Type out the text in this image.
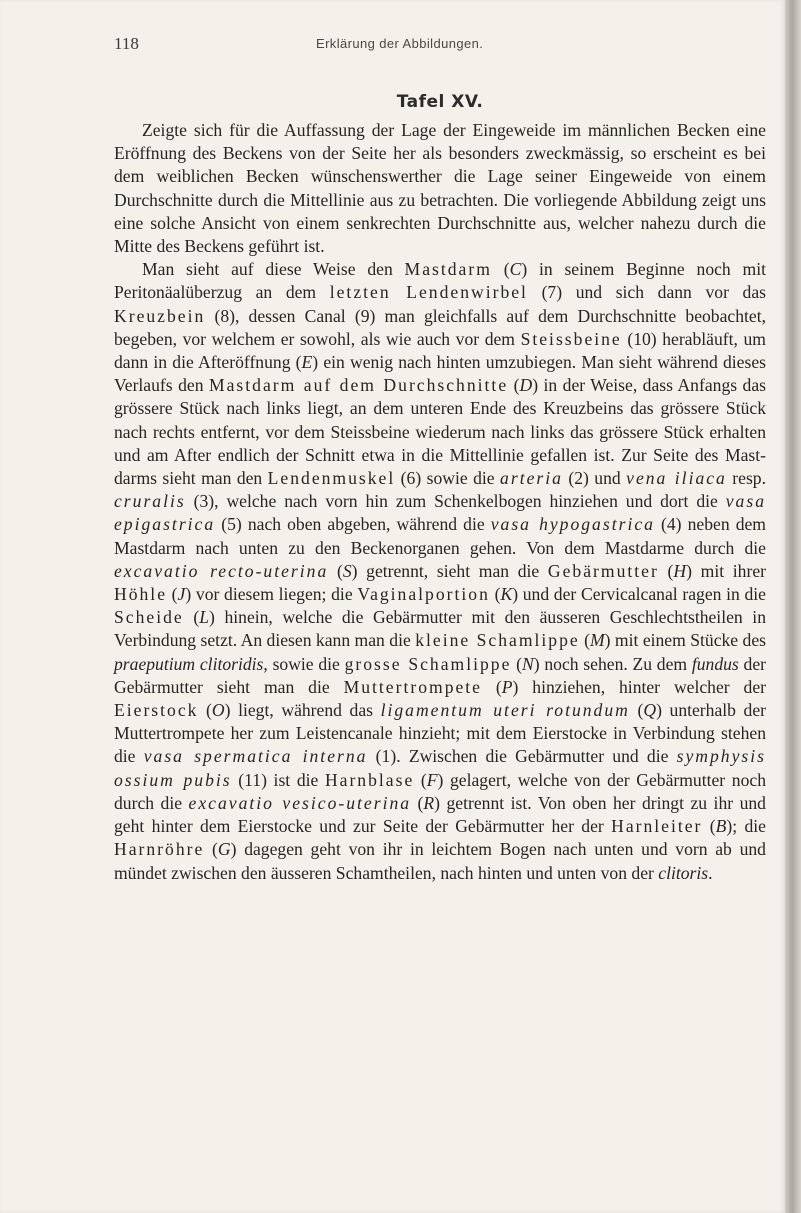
118	Erklärung der Abbildungen.
Tafel XV.

Zeigte sich für die Auffassung der Lage der Eingeweide im männlichen Becken eine Eröffnung des Beckens von der Seite her als besonders zweckmässig, so erscheint es bei dem weiblichen Becken wünschenswerther die Lage seiner Eingeweide von einem Durchschnitte durch die Mittellinie aus zu betrachten. Die vorliegende Abbildung zeigt uns eine solche Ansicht von einem senkrechten Durchschnitte aus, welcher nahezu durch die Mitte des Beckens geführt ist.

Man sieht auf diese Weise den Mastdarm (C) in seinem Beginne noch mit Peritonäalüberzug an dem letzten Lendenwirbel (7) und sich dann vor das Kreuzbein (8), dessen Canal (9) man gleichfalls auf dem Durchschnitte beobachtet, begeben, vor welchem er sowohl, als wie auch vor dem Steissbeine (10) herabläuft, um dann in die Afteröffnung (E) ein wenig nach hinten umzubiegen. Man sieht während dieses Verlaufs den Mastdarm auf dem Durchschnitte (D) in der Weise, dass Anfangs das grössere Stück nach links liegt, an dem unteren Ende des Kreuzbeins das grössere Stück nach rechts entfernt, vor dem Steissbeine wiederum nach links das grössere Stück erhalten und am After endlich der Schnitt etwa in die Mittellinie gefallen ist. Zur Seite des Mastdarms sieht man den Lendenmuskel (6) sowie die arteria (2) und vena iliaca resp. cruralis (3), welche nach vorn hin zum Schenkelbogen hinziehen und dort die vasa epigastrica (5) nach oben abgeben, während die vasa hypogastrica (4) neben dem Mastdarm nach unten zu den Beckenorganen gehen. Von dem Mastdarme durch die excavatio recto-uterina (S) getrennt, sieht man die Gebärmutter (H) mit ihrer Höhle (J) vor diesem liegen; die Vaginalportion (K) und der Cervicalcanal ragen in die Scheide (L) hinein, welche die Gebärmutter mit den äusseren Geschlechtstheilen in Verbindung setzt. An diesen kann man die kleine Schamlippe (M) mit einem Stücke des praeputium clitoridis, sowie die grosse Schamlippe (N) noch sehen. Zu dem fundus der Gebärmutter sieht man die Muttertrompete (P) hinziehen, hinter welcher der Eierstock (O) liegt, während das ligamentum uteri rotundum (Q) unterhalb der Muttertrompete her zum Leistencanale hinzieht; mit dem Eierstocke in Verbindung stehen die vasa spermatica interna (1). Zwischen die Gebärmutter und die symphysis ossium pubis (11) ist die Harnblase (F) gelagert, welche von der Gebärmutter noch durch die excavatio vesico-uterina (R) getrennt ist. Von oben her dringt zu ihr und geht hinter dem Eierstocke und zur Seite der Gebärmutter her der Harnleiter (B); die Harnröhre (G) dagegen geht von ihr in leichtem Bogen nach unten und vorn ab und mündet zwischen den äusseren Schamtheilen, nach hinten und unten von der clitoris.
